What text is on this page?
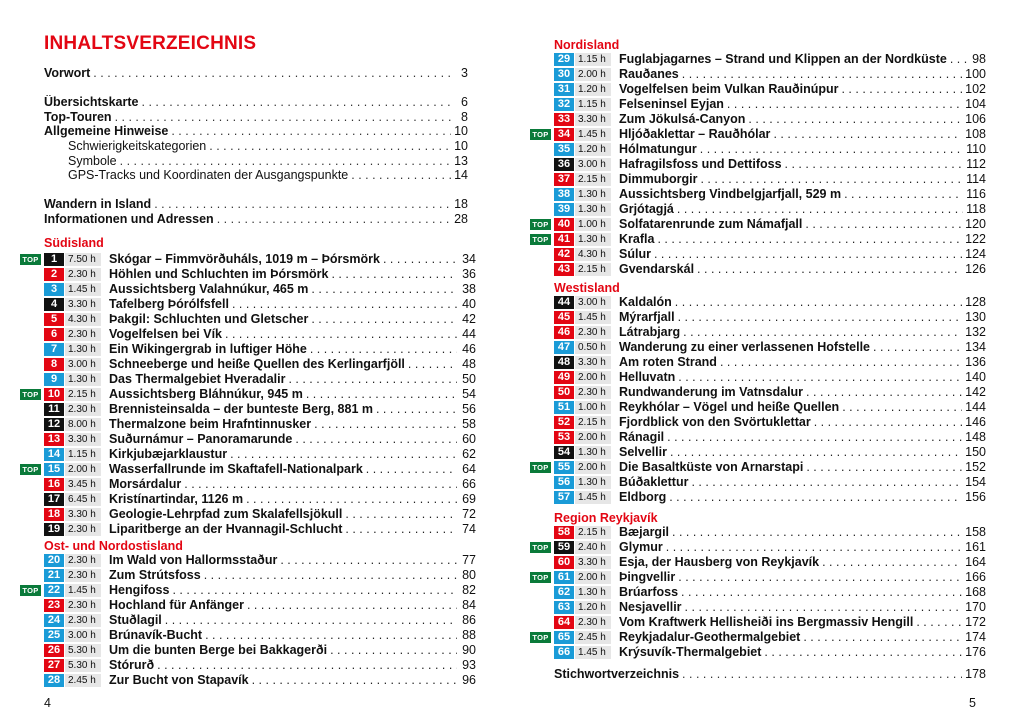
INHALTSVERZEICHNIS
Vorwort . . .	3
Übersichtskarte . . .	6
Top-Touren . . .	8
Allgemeine Hinweise . . .	10
Schwierigkeitskategorien . . .	10
Symbole . . .	13
GPS-Tracks und Koordinaten der Ausgangspunkte . . .	14
Wandern in Island . . .	18
Informationen und Adressen . . .	28
Südisland
TOP	1	7.50 h	Skógar – Fimmvörðuháls, 1019 m – Þórsmörk . . .	34
2	2.30 h	Höhlen und Schluchten im Þórsmörk . . .	36
3	1.45 h	Aussichtsberg Valahnúkur, 465 m . . .	38
4	3.30 h	Tafelberg Þórólfsfell . . .	40
5	4.30 h	Þakgil: Schluchten und Gletscher . . .	42
6	2.30 h	Vogelfelsen bei Vík . . .	44
7	1.30 h	Ein Wikingergrab in luftiger Höhe . . .	46
8	3.00 h	Schneeberge und heiße Quellen des Kerlingarfjöll . . .	48
9	1.30 h	Das Thermalgebiet Hveradalir . . .	50
TOP 10 2.15 h	Aussichtsberg Bláhnúkur, 945 m . . .	54
11 2.30 h	Brennisteinsalda – der bunteste Berg, 881 m . . .	56
12 8.00 h	Thermalzone beim Hrafntinnusker . . .	58
13 3.30 h	Suðurnámur – Panoramarunde . . .	60
14 1.15 h	Kirkjubæjarklaustur . . .	62
TOP 15 2.00 h	Wasserfallrunde im Skaftafell-Nationalpark . . .	64
16 3.45 h	Morsárdalur . . .	66
17 6.45 h	Kristínartindar, 1126 m . . .	69
18 3.30 h	Geologie-Lehrpfad zum Skalafellsjökull . . .	72
19 2.30 h	Liparitberge an der Hvannagil-Schlucht . . .	74
Ost- und Nordostisland
20 2.30 h	Im Wald von Hallormsstaður . . .	77
21 2.30 h	Zum Strútsfoss . . .	80
TOP 22 1.45 h	Hengifoss . . .	82
23 2.30 h	Hochland für Anfänger . . .	84
24 2.30 h	Stuðlagil . . .	86
25 3.00 h	Brúnavík-Bucht . . .	88
26 5.30 h	Um die bunten Berge bei Bakkagerði . . .	90
27 5.30 h	Stórurð . . .	93
28 2.45 h	Zur Bucht von Stapavík . . .	96
4
Nordisland
29 1.15 h	Fuglabjagarnes – Strand und Klippen an der Nordküste . . . 98
30 2.00 h	Rauðanes . . .	100
31 1.20 h	Vogelfelsen beim Vulkan Rauðinúpur . . .	102
32 1.15 h	Felseninsel Eyjan . . .	104
33 3.30 h	Zum Jökulsá-Canyon . . .	106
TOP 34 1.45 h	Hljóðaklettar – Rauðhólar . . .	108
35 1.20 h	Hólmatungur . . .	110
36 3.00 h	Hafragilsfoss und Dettifoss . . .	112
37 2.15 h	Dimmuborgir . . .	114
38 1.30 h	Aussichtsberg Vindbelgjarfjall, 529 m . . .	116
39 1.30 h	Grjótagjá . . .	118
TOP 40 1.00 h	Solfatarenrunde zum Námafjall . . .	120
TOP 41 1.30 h	Krafla . . .	122
42 4.30 h	Súlur . . .	124
43 2.15 h	Gvendarskál . . .	126
Westisland
44 3.00 h	Kaldalón . . .	128
45 1.45 h	Mýrarfjall . . .	130
46 2.30 h	Látrabjarg . . .	132
47 0.50 h	Wanderung zu einer verlassenen Hofstelle . . .	134
48 3.30 h	Am roten Strand . . .	136
49 2.00 h	Helluvatn . . .	140
50 2.30 h	Rundwanderung im Vatnsdalur . . .	142
51 1.00 h	Reykhólar – Vögel und heiße Quellen . . .	144
52 2.15 h	Fjordblick von den Svörtuklettar . . .	146
53 2.00 h	Ránagil . . .	148
54 1.30 h	Selvellir . . .	150
TOP 55 2.00 h	Die Basaltküste von Arnarstapi . . .	152
56 1.30 h	Búðaklettur . . .	154
57 1.45 h	Eldborg . . .	156
Region Reykjavík
58 2.15 h	Bæjargil . . .	158
TOP 59 2.40 h	Glymur . . .	161
60 3.30 h	Esja, der Hausberg von Reykjavík . . .	164
TOP 61 2.00 h	Þingvellir . . .	166
62 1.30 h	Brúarfoss . . .	168
63 1.20 h	Nesjavellir . . .	170
64 2.30 h	Vom Kraftwerk Hellisheiði ins Bergmassiv Hengill . . .	172
TOP 65 2.45 h	Reykjadalur-Geothermalgebiet . . .	174
66 1.45 h	Krýsuvík-Thermalgebiet . . .	176
Stichwortverzeichnis . . .	178
5
